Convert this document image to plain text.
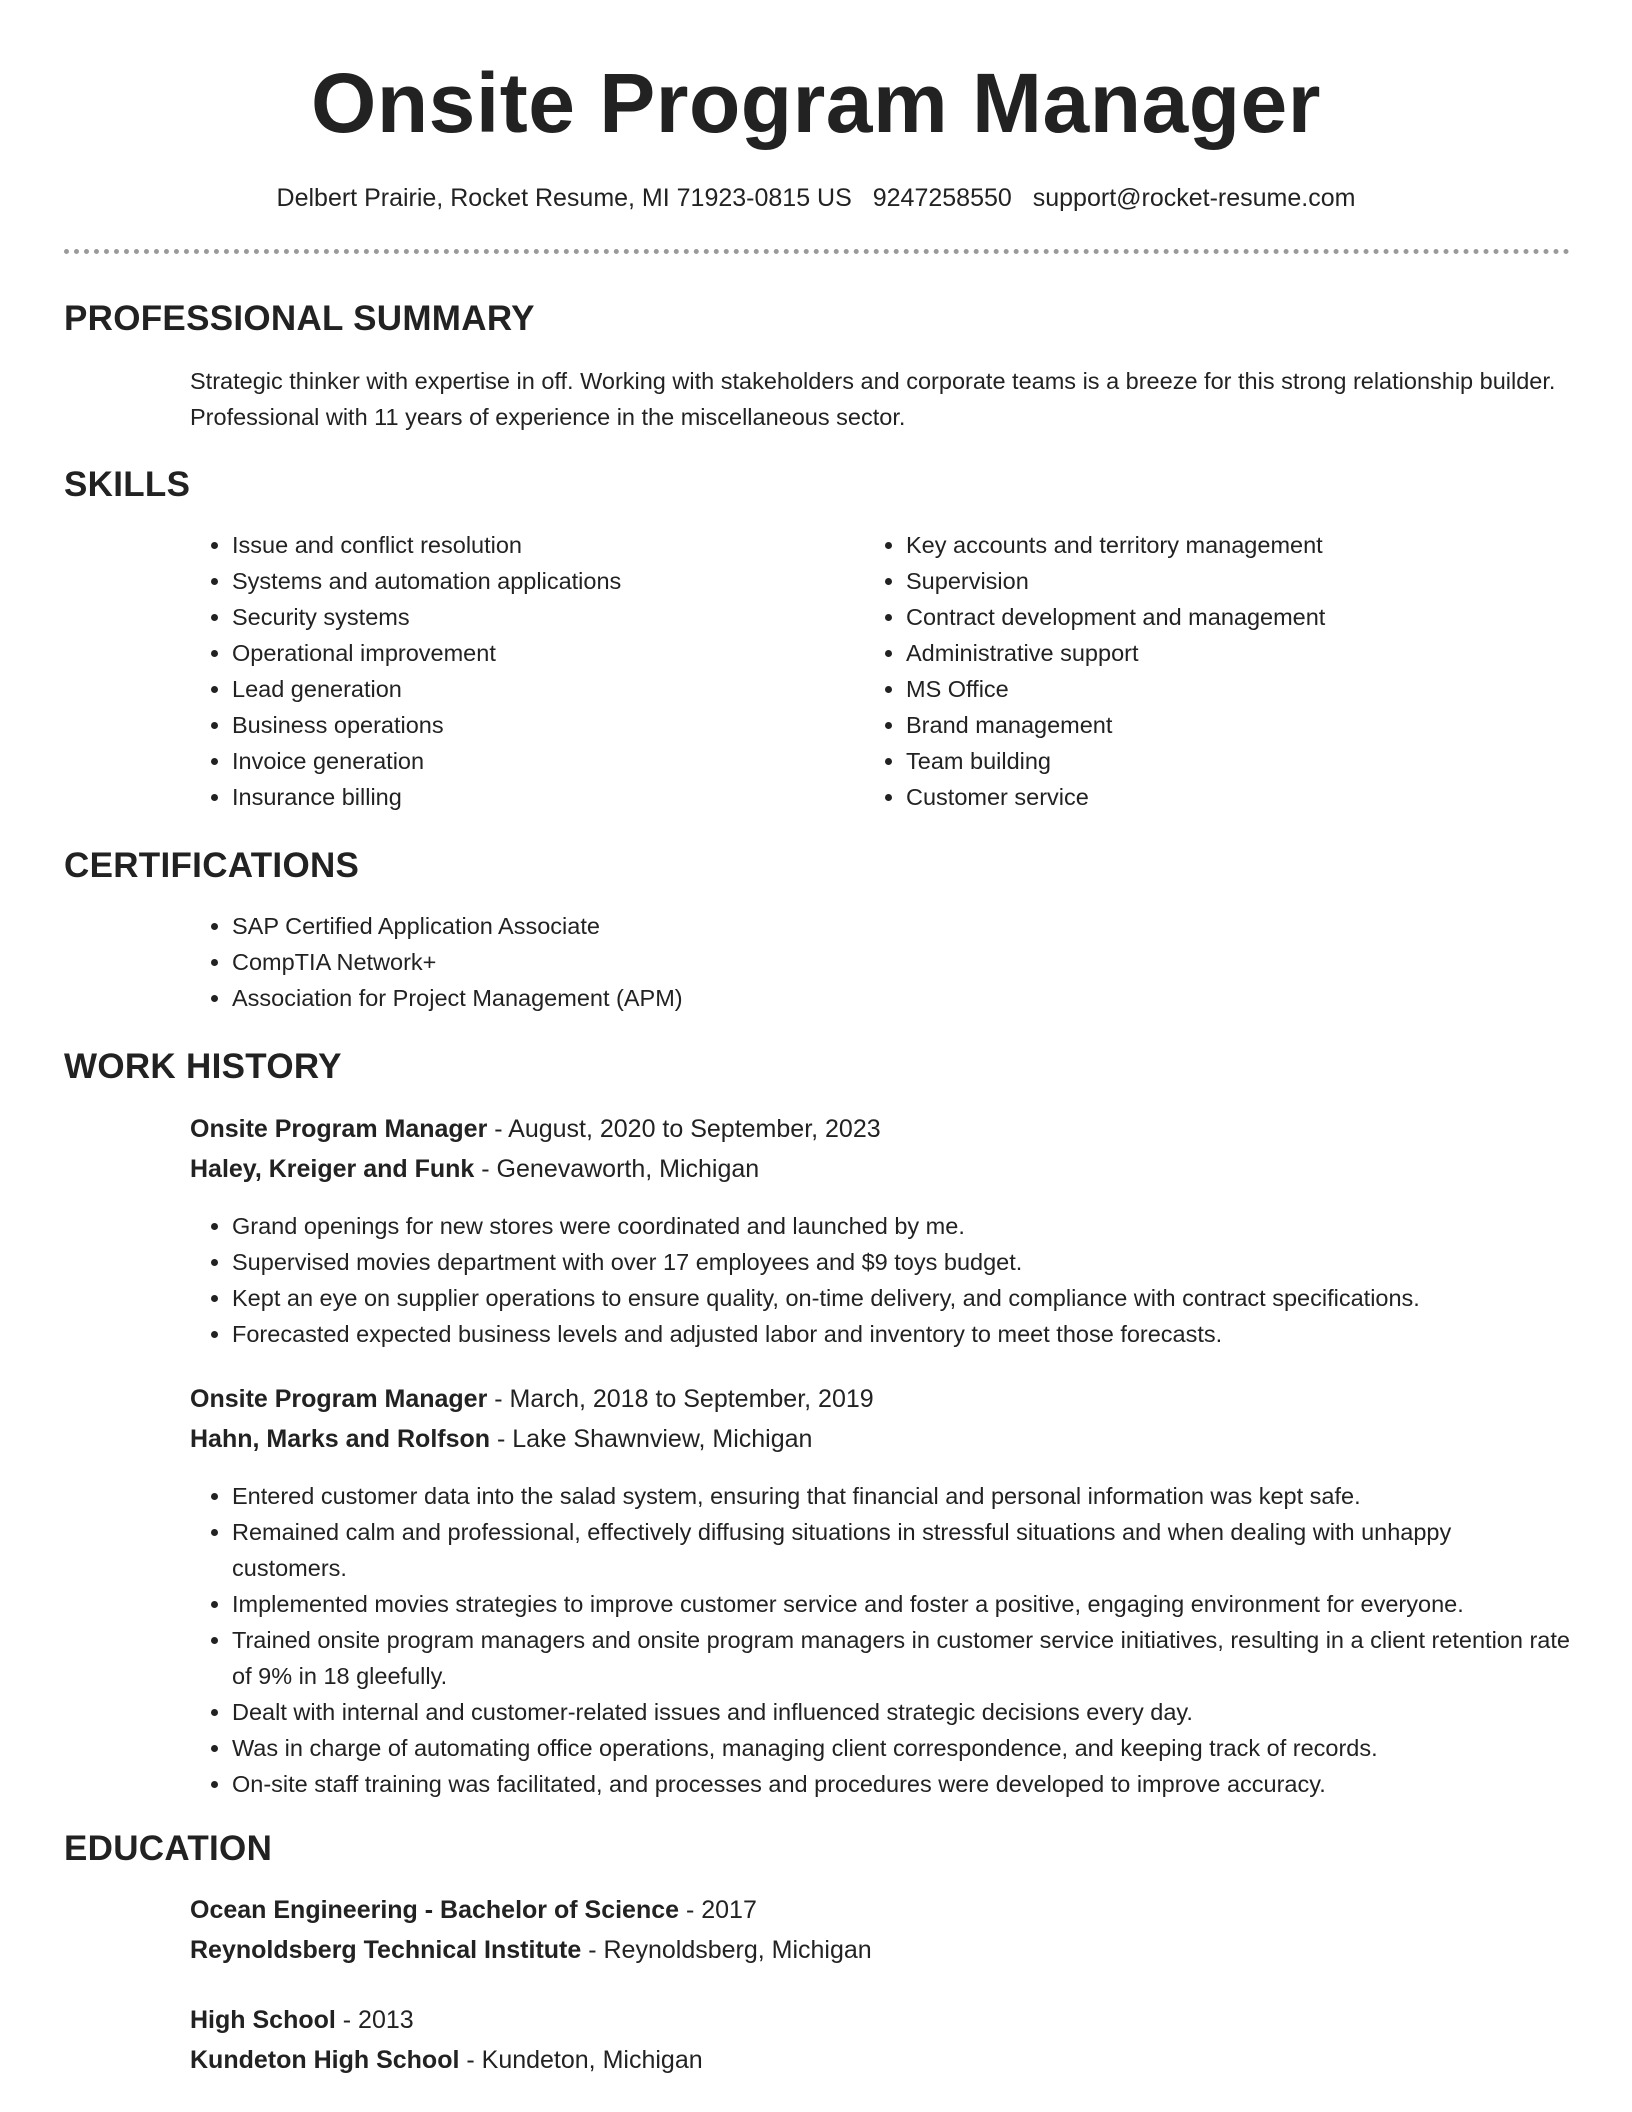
Onsite Program Manager
Delbert Prairie, Rocket Resume, MI 71923-0815 US 9247258550 support@rocket-resume.com
PROFESSIONAL SUMMARY
Strategic thinker with expertise in off. Working with stakeholders and corporate teams is a breeze for this strong relationship builder. Professional with 11 years of experience in the miscellaneous sector.
SKILLS
• Issue and conflict resolution
• Systems and automation applications
• Security systems
• Operational improvement
• Lead generation
• Business operations
• Invoice generation
• Insurance billing
• Key accounts and territory management
• Supervision
• Contract development and management
• Administrative support
• MS Office
• Brand management
• Team building
• Customer service
CERTIFICATIONS
• SAP Certified Application Associate
• CompTIA Network+
• Association for Project Management (APM)
WORK HISTORY
Onsite Program Manager - August, 2020 to September, 2023
Haley, Kreiger and Funk - Genevaworth, Michigan
• Grand openings for new stores were coordinated and launched by me.
• Supervised movies department with over 17 employees and $9 toys budget.
• Kept an eye on supplier operations to ensure quality, on-time delivery, and compliance with contract specifications.
• Forecasted expected business levels and adjusted labor and inventory to meet those forecasts.
Onsite Program Manager - March, 2018 to September, 2019
Hahn, Marks and Rolfson - Lake Shawnview, Michigan
• Entered customer data into the salad system, ensuring that financial and personal information was kept safe.
• Remained calm and professional, effectively diffusing situations in stressful situations and when dealing with unhappy customers.
• Implemented movies strategies to improve customer service and foster a positive, engaging environment for everyone.
• Trained onsite program managers and onsite program managers in customer service initiatives, resulting in a client retention rate of 9% in 18 gleefully.
• Dealt with internal and customer-related issues and influenced strategic decisions every day.
• Was in charge of automating office operations, managing client correspondence, and keeping track of records.
• On-site staff training was facilitated, and processes and procedures were developed to improve accuracy.
EDUCATION
Ocean Engineering - Bachelor of Science - 2017
Reynoldsberg Technical Institute - Reynoldsberg, Michigan
High School - 2013
Kundeton High School - Kundeton, Michigan
